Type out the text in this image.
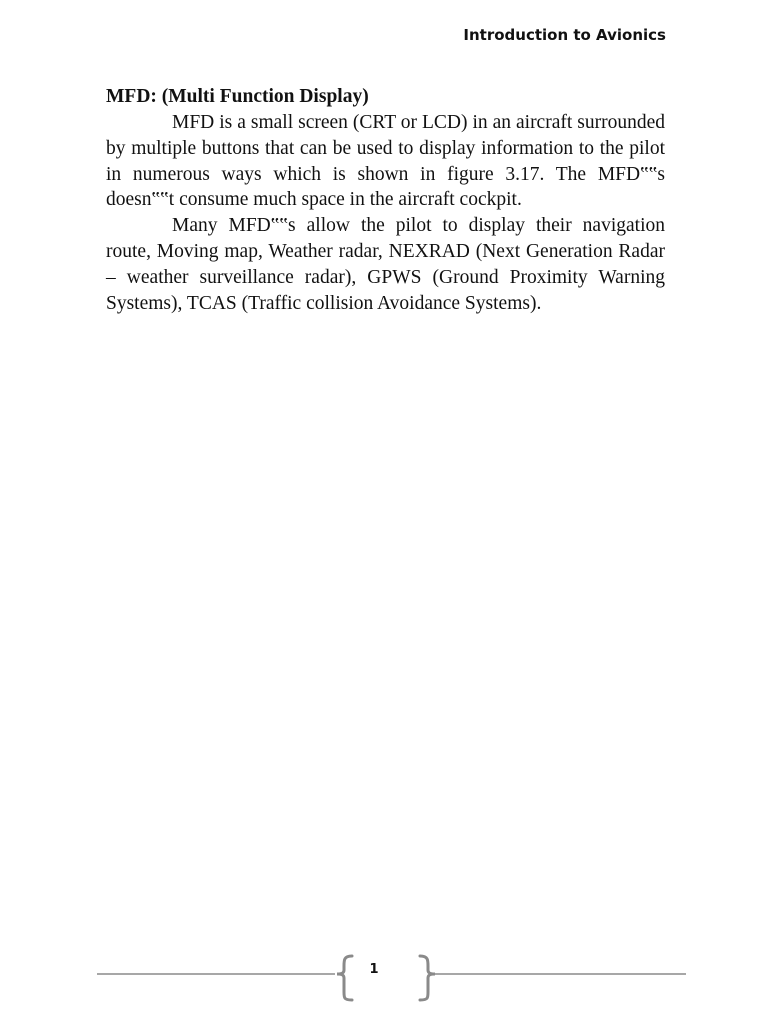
Introduction to Avionics
MFD: (Multi Function Display)

MFD is a small screen (CRT or LCD) in an aircraft surrounded by multiple buttons that can be used to display information to the pilot in numerous ways which is shown in figure 3.17. The MFD‟‟s doesn‟‟t consume much space in the aircraft cockpit.

Many MFD‟‟s allow the pilot to display their navigation route, Moving map, Weather radar, NEXRAD (Next Generation Radar – weather surveillance radar), GPWS (Ground Proximity Warning Systems), TCAS (Traffic collision Avoidance Systems).

1
